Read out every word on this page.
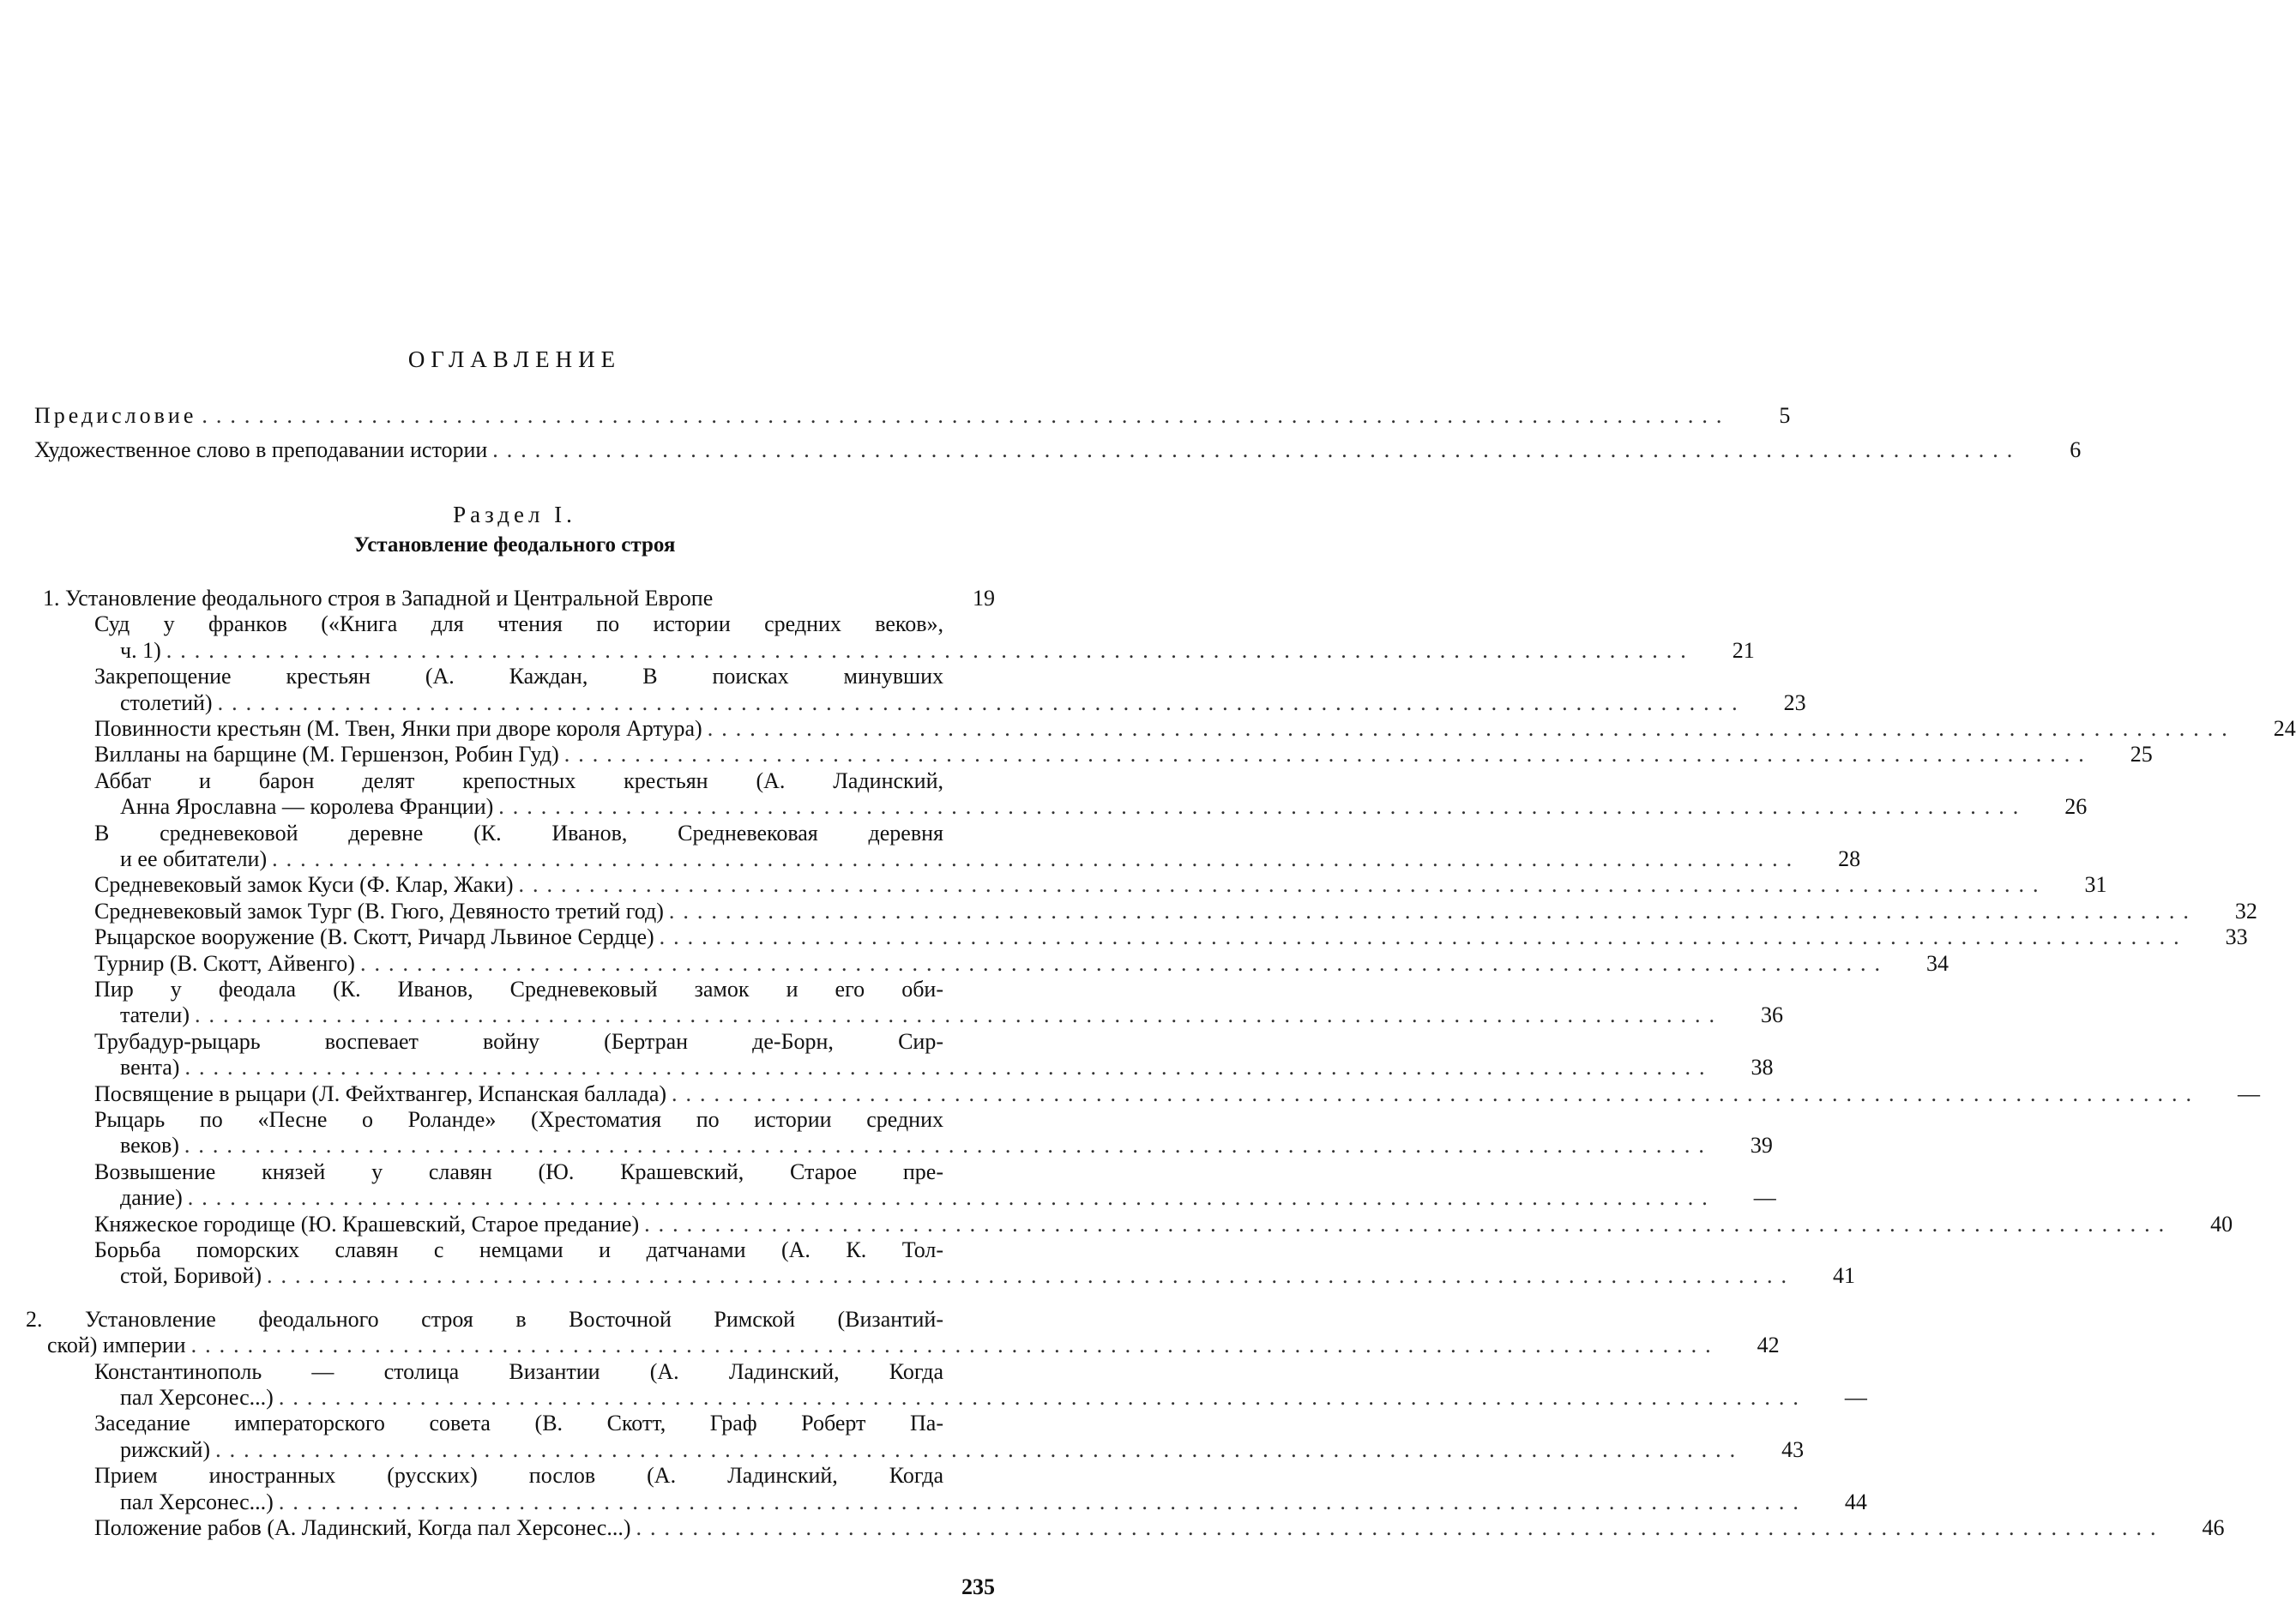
ОГЛАВЛЕНИЕ
Предисловие ............................................................................................................	5
Художественное слово в преподавании истории ............................................................................................................	6
Раздел I.
Установление феодального строя
1. Установление феодального строя в Западной и Центральной Европе	19
Суд у франков («Книга для чтения по истории средних веков»,
ч. 1) ............................................................................................................	21
Закрепощение крестьян (А. Каждан, В поисках минувших
столетий) ............................................................................................................	23
Повинности крестьян (М. Твен, Янки при дворе короля Артура) ............................................................................................................	24
Вилланы на барщине (М. Гершензон, Робин Гуд) ............................................................................................................	25
Аббат и барон делят крепостных крестьян (А. Ладинский,
Анна Ярославна — королева Франции) ............................................................................................................	26
В средневековой деревне (К. Иванов, Средневековая деревня
и ее обитатели) ............................................................................................................	28
Средневековый замок Куси (Ф. Клар, Жаки) ............................................................................................................	31
Средневековый замок Тург (В. Гюго, Девяносто третий год) ............................................................................................................	32
Рыцарское вооружение (В. Скотт, Ричард Львиное Сердце) ............................................................................................................	33
Турнир (В. Скотт, Айвенго) ............................................................................................................	34
Пир у феодала (К. Иванов, Средневековый замок и его оби-
татели) ............................................................................................................	36
Трубадур-рыцарь воспевает войну (Бертран де-Борн, Сир-
вента) ............................................................................................................	38
Посвящение в рыцари (Л. Фейхтвангер, Испанская баллада) ............................................................................................................	—
Рыцарь по «Песне о Роланде» (Хрестоматия по истории средних
веков) ............................................................................................................	39
Возвышение князей у славян (Ю. Крашевский, Старое пре-
дание) ............................................................................................................	—
Княжеское городище (Ю. Крашевский, Старое предание) ............................................................................................................	40
Борьба поморских славян с немцами и датчанами (А. К. Тол-
стой, Боривой) ............................................................................................................	41
2. Установление феодального строя в Восточной Римской (Византий-
ской) империи ............................................................................................................	42
Константинополь — столица Византии (А. Ладинский, Когда
пал Херсонес...) ............................................................................................................	—
Заседание императорского совета (В. Скотт, Граф Роберт Па-
рижский) ............................................................................................................	43
Прием иностранных (русских) послов (А. Ладинский, Когда
пал Херсонес...) ............................................................................................................	44
Положение рабов (А. Ладинский, Когда пал Херсонес...) ............................................................................................................	46
235
